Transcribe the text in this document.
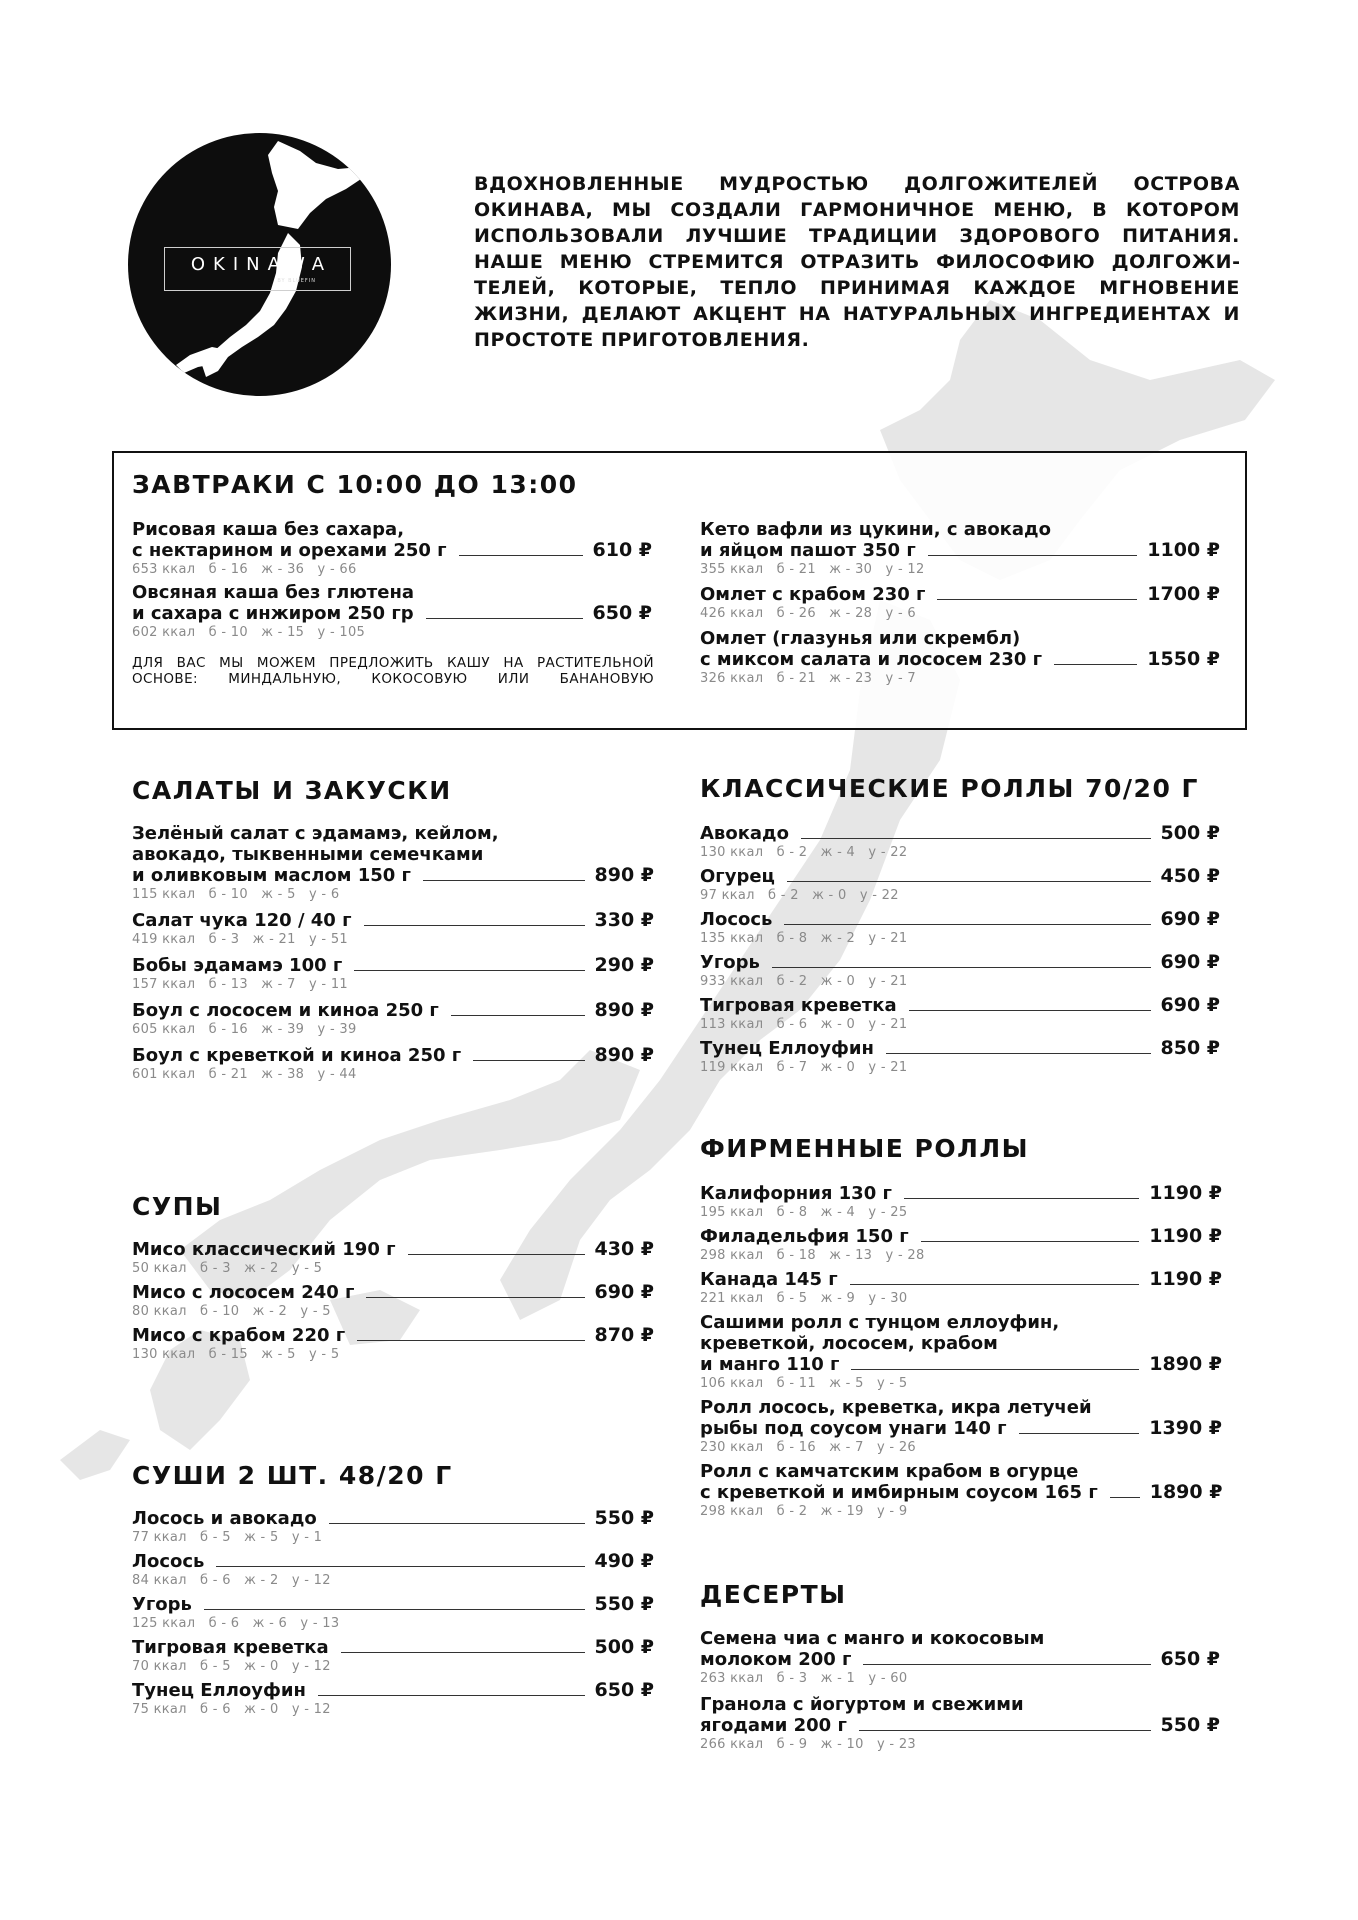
OKINAWA
BY BLUEFIN
ВДОХНОВЛЕННЫЕ МУДРОСТЬЮ ДОЛГОЖИТЕЛЕЙ ОСТРОВА ОКИНАВА, МЫ СОЗДАЛИ ГАРМОНИЧНОЕ МЕНЮ, В КОТОРОМ ИСПОЛЬЗОВАЛИ ЛУЧШИЕ ТРАДИЦИИ ЗДОРОВОГО ПИТАНИЯ. НАШЕ МЕНЮ СТРЕМИТСЯ ОТРАЗИТЬ ФИЛОСОФИЮ ДОЛГОЖИТЕЛЕЙ, КОТОРЫЕ, ТЕПЛО ПРИНИМАЯ КАЖДОЕ МГНОВЕНИЕ ЖИЗНИ, ДЕЛАЮТ АКЦЕНТ НА НАТУРАЛЬНЫХ ИНГРЕДИЕНТАХ И ПРОСТОТЕ ПРИГОТОВЛЕНИЯ.
ЗАВТРАКИ С 10:00 ДО 13:00
Рисовая каша без сахара,
с нектарином и орехами 250 г	610 ₽
653 ккал   б - 16   ж - 36   у - 66
Овсяная каша без глютена
и сахара с инжиром 250 гр	650 ₽
602 ккал   б - 10   ж - 15   у - 105
ДЛЯ ВАС МЫ МОЖЕМ ПРЕДЛОЖИТЬ КАШУ НА РАСТИТЕЛЬНОЙ ОСНОВЕ: МИНДАЛЬНУЮ, КОКОСОВУЮ ИЛИ БАНАНОВУЮ
Кето вафли из цукини, с авокадо
и яйцом пашот 350 г	1100 ₽
355 ккал   б - 21   ж - 30   у - 12
Омлет с крабом 230 г	1700 ₽
426 ккал   б - 26   ж - 28   у - 6
Омлет (глазунья или скрембл)
с миксом салата и лососем 230 г	1550 ₽
326 ккал   б - 21   ж - 23   у - 7
САЛАТЫ И ЗАКУСКИ
Зелёный салат с эдамамэ, кейлом,
авокадо, тыквенными семечками
и оливковым маслом 150 г	890 ₽
115 ккал   б - 10   ж - 5   у - 6
Салат чука 120 / 40 г	330 ₽
419 ккал   б - 3   ж - 21   у - 51
Бобы эдамамэ 100 г	290 ₽
157 ккал   б - 13   ж - 7   у - 11
Боул с лососем и киноа 250 г	890 ₽
605 ккал   б - 16   ж - 39   у - 39
Боул с креветкой и киноа 250 г	890 ₽
601 ккал   б - 21   ж - 38   у - 44
СУПЫ
Мисо классический 190 г	430 ₽
50 ккал   б - 3   ж - 2   у - 5
Мисо с лососем 240 г	690 ₽
80 ккал   б - 10   ж - 2   у - 5
Мисо с крабом 220 г	870 ₽
130 ккал   б - 15   ж - 5   у - 5
СУШИ 2 ШТ. 48/20 Г
Лосось и авокадо	550 ₽
77 ккал   б - 5   ж - 5   у - 1
Лосось	490 ₽
84 ккал   б - 6   ж - 2   у - 12
Угорь	550 ₽
125 ккал   б - 6   ж - 6   у - 13
Тигровая креветка	500 ₽
70 ккал   б - 5   ж - 0   у - 12
Тунец Еллоуфин	650 ₽
75 ккал   б - 6   ж - 0   у - 12
КЛАССИЧЕСКИЕ РОЛЛЫ 70/20 Г
Авокадо	500 ₽
130 ккал   б - 2   ж - 4   у - 22
Огурец	450 ₽
97 ккал   б - 2   ж - 0   у - 22
Лосось	690 ₽
135 ккал   б - 8   ж - 2   у - 21
Угорь	690 ₽
933 ккал   б - 2   ж - 0   у - 21
Тигровая креветка	690 ₽
113 ккал   б - 6   ж - 0   у - 21
Тунец Еллоуфин	850 ₽
119 ккал   б - 7   ж - 0   у - 21
ФИРМЕННЫЕ РОЛЛЫ
Калифорния 130 г	1190 ₽
195 ккал   б - 8   ж - 4   у - 25
Филадельфия 150 г	1190 ₽
298 ккал   б - 18   ж - 13   у - 28
Канада 145 г	1190 ₽
221 ккал   б - 5   ж - 9   у - 30
Сашими ролл с тунцом еллоуфин,
креветкой, лососем, крабом
и манго 110 г	1890 ₽
106 ккал   б - 11   ж - 5   у - 5
Ролл лосось, креветка, икра летучей
рыбы под соусом унаги 140 г	1390 ₽
230 ккал   б - 16   ж - 7   у - 26
Ролл с камчатским крабом в огурце
с креветкой и имбирным соусом 165 г	1890 ₽
298 ккал   б - 2   ж - 19   у - 9
ДЕСЕРТЫ
Семена чиа с манго и кокосовым
молоком 200 г	650 ₽
263 ккал   б - 3   ж - 1   у - 60
Гранола с йогуртом и свежими
ягодами 200 г	550 ₽
266 ккал   б - 9   ж - 10   у - 23
